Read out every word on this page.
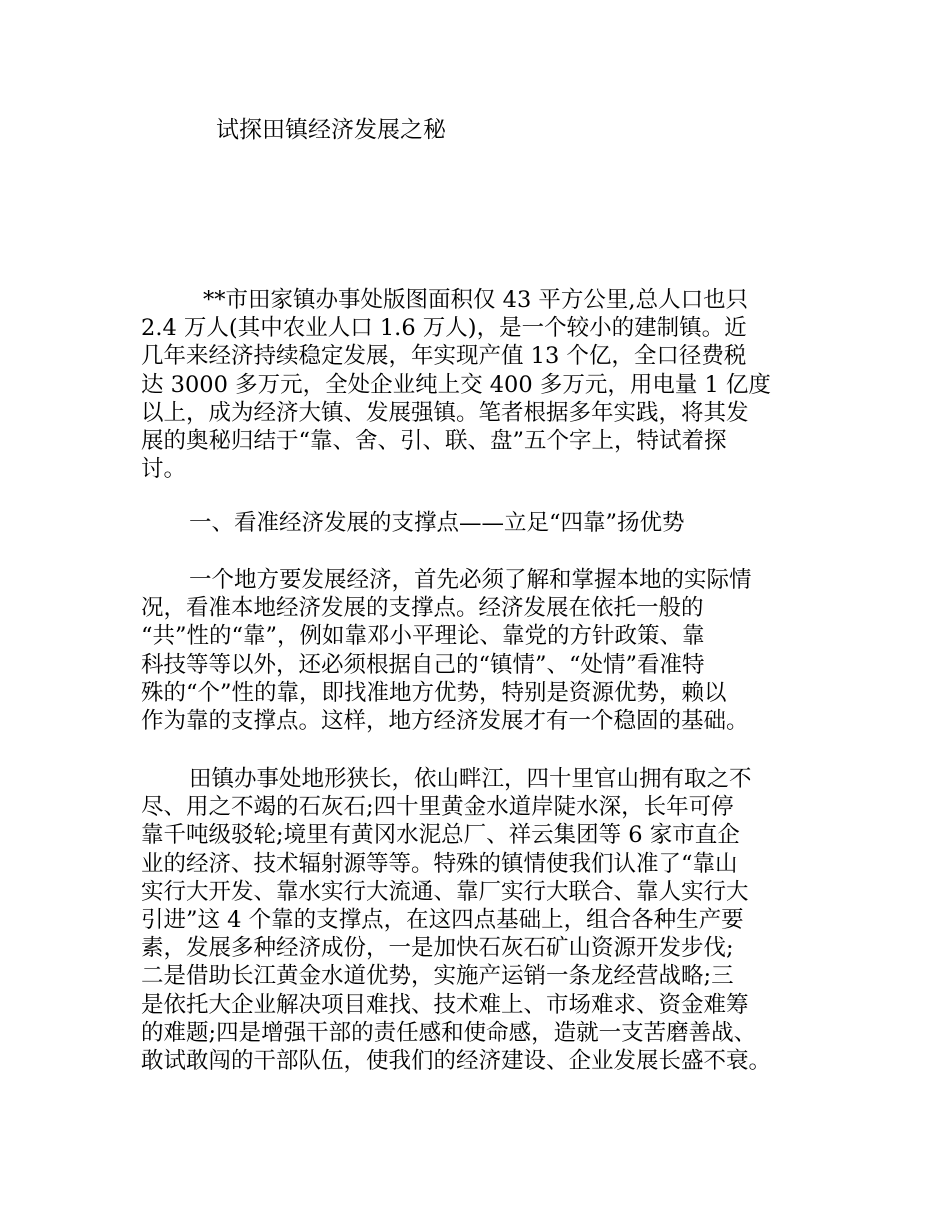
试探田镇经济发展之秘
**市田家镇办事处版图面积仅 43 平方公里,总人口也只
2.4 万人(其中农业人口 1.6 万人)，是一个较小的建制镇。近
几年来经济持续稳定发展，年实现产值 13 个亿，全口径费税
达 3000 多万元，全处企业纯上交 400 多万元，用电量 1 亿度
以上，成为经济大镇、发展强镇。笔者根据多年实践，将其发
展的奥秘归结于“靠、舍、引、联、盘”五个字上，特试着探
讨。
一、看准经济发展的支撑点——立足“四靠”扬优势
一个地方要发展经济，首先必须了解和掌握本地的实际情
况，看准本地经济发展的支撑点。经济发展在依托一般的
“共”性的“靠”，例如靠邓小平理论、靠党的方针政策、靠
科技等等以外，还必须根据自己的“镇情”、“处情”看准特
殊的“个”性的靠，即找准地方优势，特别是资源优势，赖以
作为靠的支撑点。这样，地方经济发展才有一个稳固的基础。
田镇办事处地形狭长，依山畔江，四十里官山拥有取之不
尽、用之不竭的石灰石;四十里黄金水道岸陡水深，长年可停
靠千吨级驳轮;境里有黄冈水泥总厂、祥云集团等 6 家市直企
业的经济、技术辐射源等等。特殊的镇情使我们认准了“靠山
实行大开发、靠水实行大流通、靠厂实行大联合、靠人实行大
引进”这 4 个靠的支撑点，在这四点基础上，组合各种生产要
素，发展多种经济成份，一是加快石灰石矿山资源开发步伐;
二是借助长江黄金水道优势，实施产运销一条龙经营战略;三
是依托大企业解决项目难找、技术难上、市场难求、资金难筹
的难题;四是增强干部的责任感和使命感，造就一支苦磨善战、
敢试敢闯的干部队伍，使我们的经济建设、企业发展长盛不衰。
